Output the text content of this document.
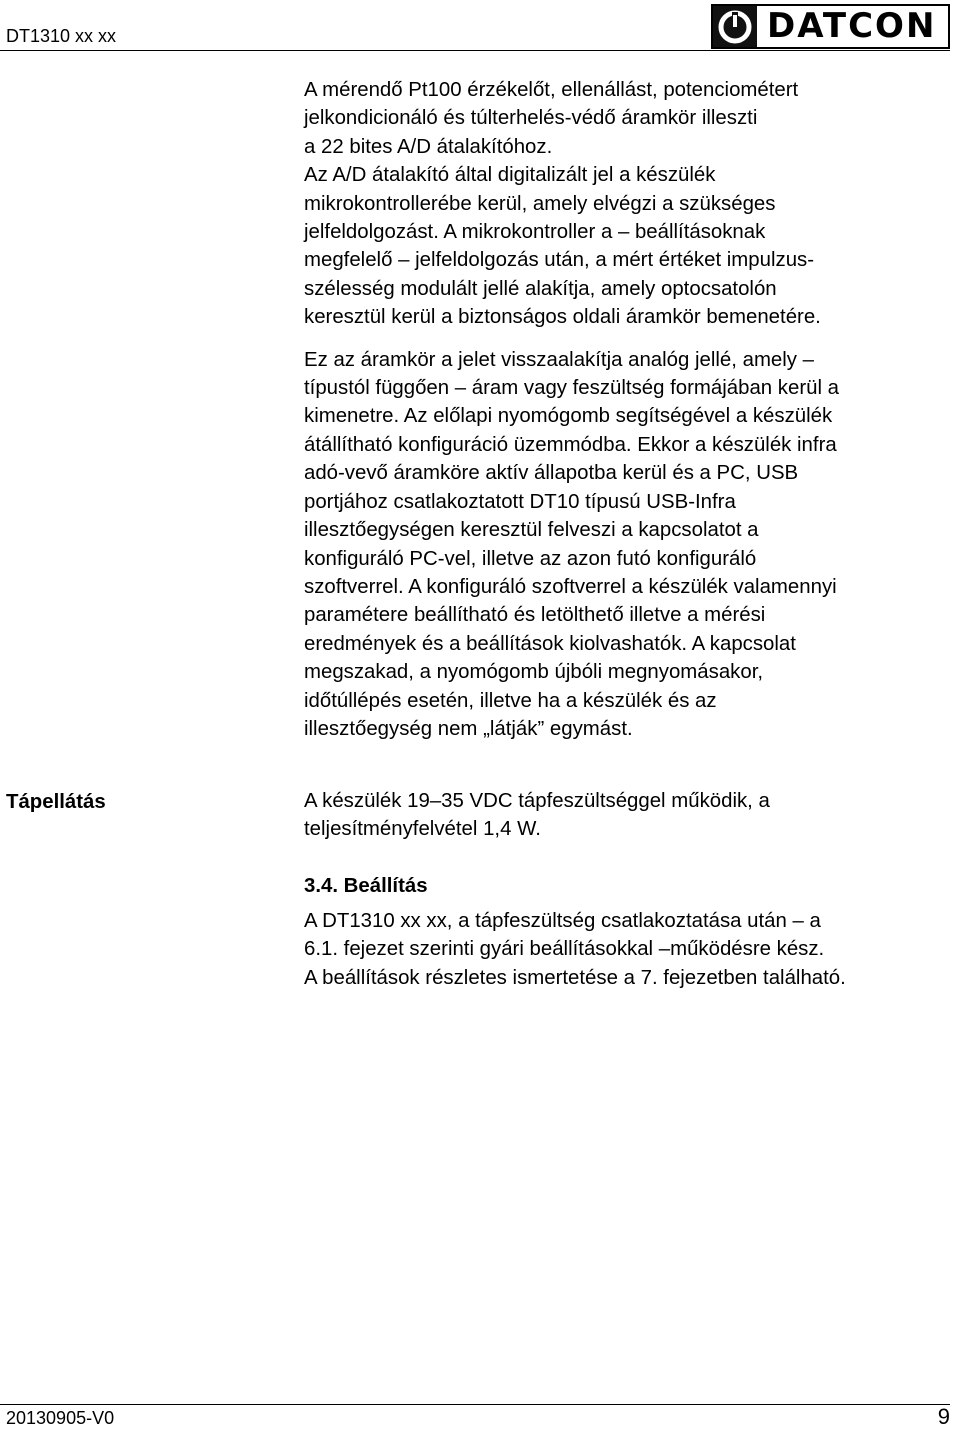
DT1310 xx xx	DATCON

A mérendő Pt100 érzékelőt, ellenállást, potenciométert

jelkondicionáló és túlterhelés-védő áramkör illeszti

a 22 bites A/D átalakítóhoz.

Az A/D átalakító által digitalizált jel a készülék

mikrokontrollerébe kerül, amely elvégzi a szükséges

jelfeldolgozást. A mikrokontroller a – beállításoknak

megfelelő – jelfeldolgozás után, a mért értéket impulzus-

szélesség modulált jellé alakítja, amely optocsatolón

keresztül kerül a biztonságos oldali áramkör bemenetére.

Ez az áramkör a jelet visszaalakítja analóg jellé, amely –

típustól függően – áram vagy feszültség formájában kerül a

kimenetre. Az előlapi nyomógomb segítségével a készülék

átállítható konfiguráció üzemmódba. Ekkor a készülék infra

adó-vevő áramköre aktív állapotba kerül és a PC, USB

portjához csatlakoztatott DT10 típusú USB-Infra

illesztőegységen keresztül felveszi a kapcsolatot a

konfiguráló PC-vel, illetve az azon futó konfiguráló

szoftverrel. A konfiguráló szoftverrel a készülék valamennyi

paramétere beállítható és letölthető illetve a mérési

eredmények és a beállítások kiolvashatók. A kapcsolat

megszakad, a nyomógomb újbóli megnyomásakor,

időtúllépés esetén, illetve ha a készülék és az

illesztőegység nem „látják” egymást.

Tápellátás	A készülék 19–35 VDC tápfeszültséggel működik, a

teljesítményfelvétel 1,4 W.

3.4. Beállítás

A DT1310 xx xx, a tápfeszültség csatlakoztatása után – a

6.1. fejezet szerinti gyári beállításokkal –működésre kész.

A beállítások részletes ismertetése a 7. fejezetben található.

20130905-V0	9
